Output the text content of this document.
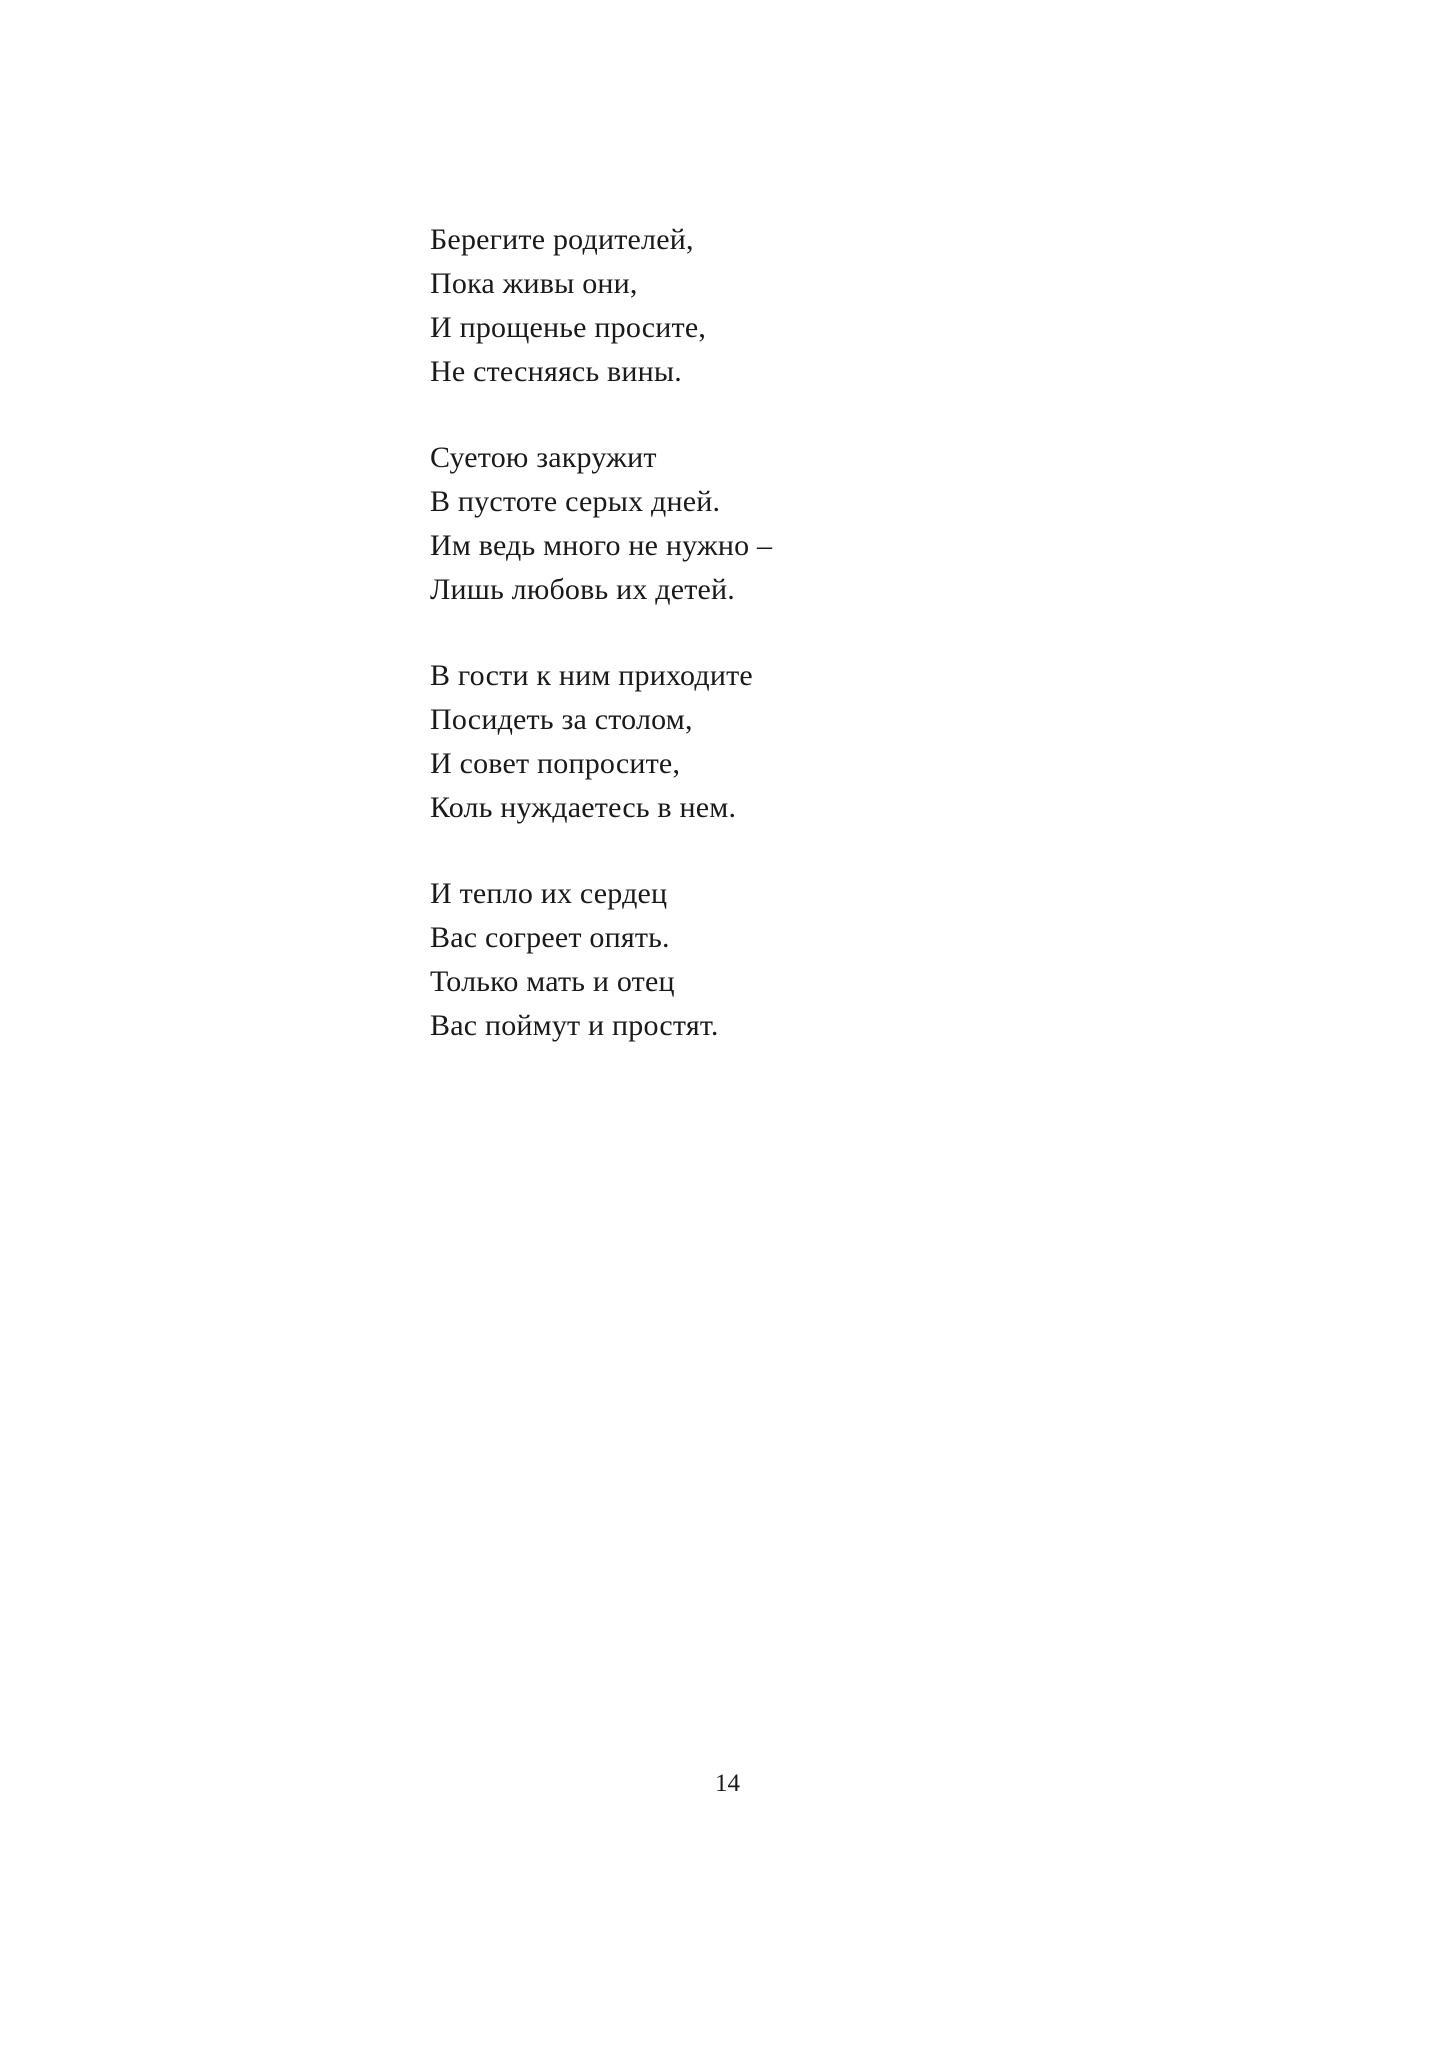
Берегите родителей,
Пока живы они,
И прощенье просите,
Не стесняясь вины.
Суетою закружит
В пустоте серых дней.
Им ведь много не нужно –
Лишь любовь их детей.
В гости к ним приходите
Посидеть за столом,
И совет попросите,
Коль нуждаетесь в нем.
И тепло их сердец
Вас согреет опять.
Только мать и отец
Вас поймут и простят.
14
